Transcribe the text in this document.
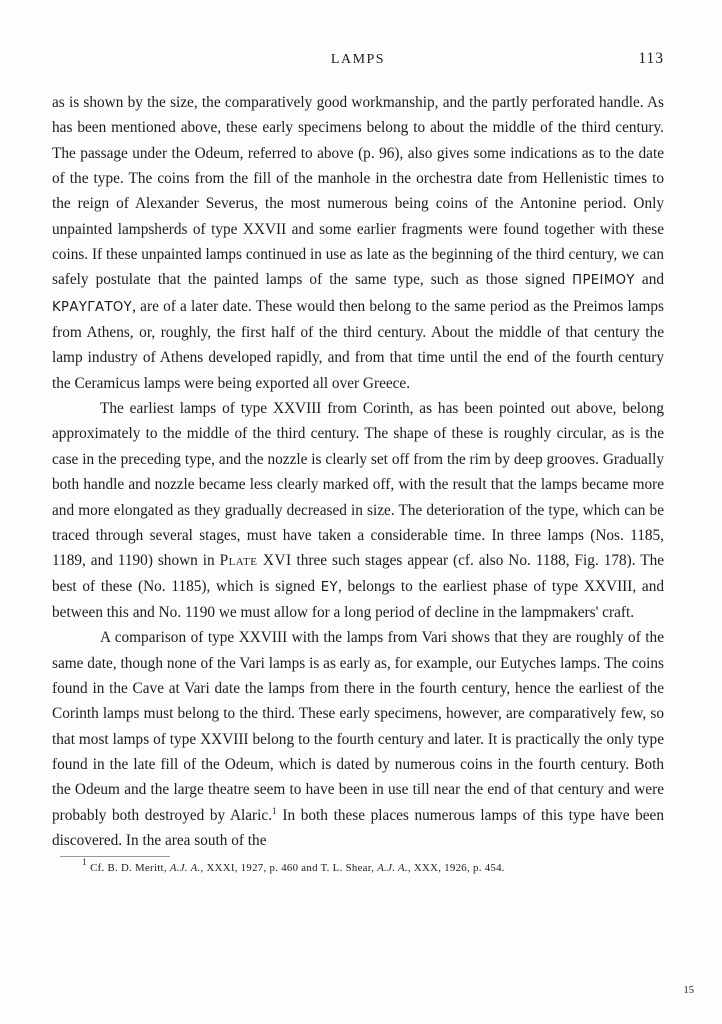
LAMPS	113

as is shown by the size, the comparatively good workmanship, and the partly perforated handle. As has been mentioned above, these early specimens belong to about the middle of the third century. The passage under the Odeum, referred to above (p. 96), also gives some indications as to the date of the type. The coins from the fill of the manhole in the orchestra date from Hellenistic times to the reign of Alexander Severus, the most numerous being coins of the Antonine period. Only unpainted lampsherds of type XXVII and some earlier fragments were found together with these coins. If these unpainted lamps continued in use as late as the beginning of the third century, we can safely postulate that the painted lamps of the same type, such as those signed ΠΡΕΙΜΟΥ and ΚΡΑΥΓΑΤΟΥ, are of a later date. These would then belong to the same period as the Preimos lamps from Athens, or, roughly, the first half of the third century. About the middle of that century the lamp industry of Athens developed rapidly, and from that time until the end of the fourth century the Ceramicus lamps were being exported all over Greece.

The earliest lamps of type XXVIII from Corinth, as has been pointed out above, belong approximately to the middle of the third century. The shape of these is roughly circular, as is the case in the preceding type, and the nozzle is clearly set off from the rim by deep grooves. Gradually both handle and nozzle became less clearly marked off, with the result that the lamps became more and more elongated as they gradually decreased in size. The deterioration of the type, which can be traced through several stages, must have taken a considerable time. In three lamps (Nos. 1185, 1189, and 1190) shown in Plate XVI three such stages appear (cf. also No. 1188, Fig. 178). The best of these (No. 1185), which is signed ΕΥ, belongs to the earliest phase of type XXVIII, and between this and No. 1190 we must allow for a long period of decline in the lampmakers' craft.

A comparison of type XXVIII with the lamps from Vari shows that they are roughly of the same date, though none of the Vari lamps is as early as, for example, our Eutyches lamps. The coins found in the Cave at Vari date the lamps from there in the fourth century, hence the earliest of the Corinth lamps must belong to the third. These early specimens, however, are comparatively few, so that most lamps of type XXVIII belong to the fourth century and later. It is practically the only type found in the late fill of the Odeum, which is dated by numerous coins in the fourth century. Both the Odeum and the large theatre seem to have been in use till near the end of that century and were probably both destroyed by Alaric.$^1$ In both these places numerous lamps of this type have been discovered. In the area south of the

$^1$ Cf. B. D. Meritt, A.J. A., XXXI, 1927, p. 460 and T. L. Shear, A.J. A., XXX, 1926, p. 454.
15
